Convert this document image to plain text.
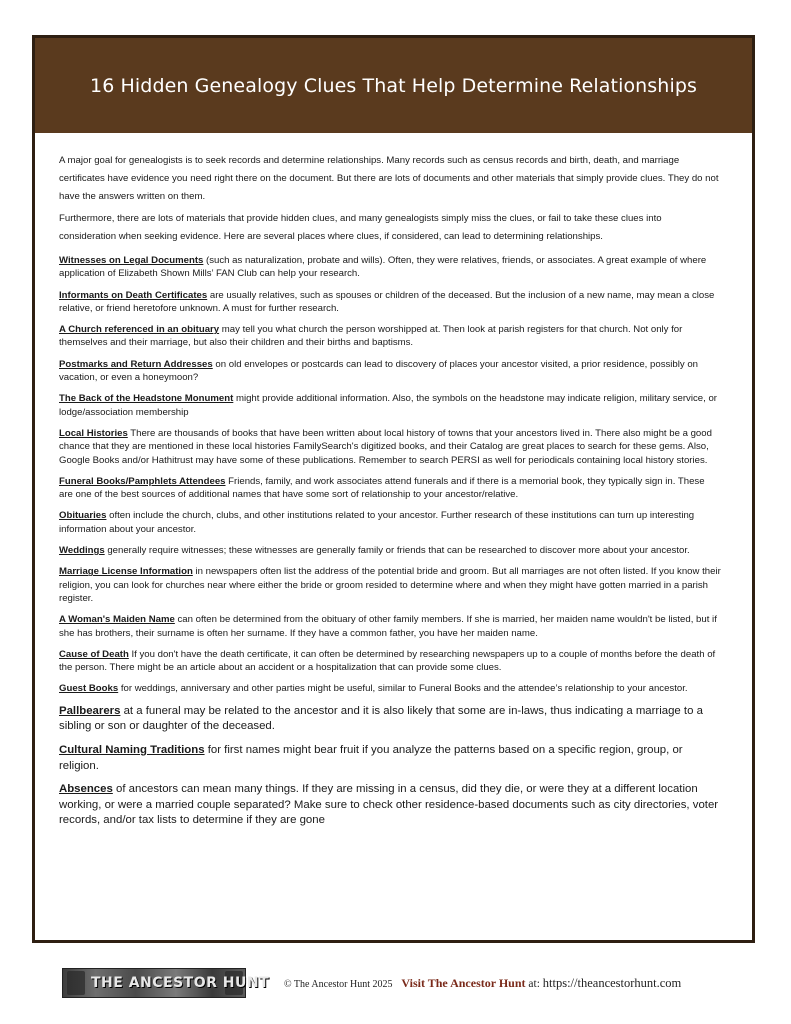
16 Hidden Genealogy Clues That Help Determine Relationships

A major goal for genealogists is to seek records and determine relationships. Many records such as census records and birth, death, and marriage certificates have evidence you need right there on the document. But there are lots of documents and other materials that simply provide clues. They do not have the answers written on them.

Furthermore, there are lots of materials that provide hidden clues, and many genealogists simply miss the clues, or fail to take these clues into consideration when seeking evidence. Here are several places where clues, if considered, can lead to determining relationships.

Witnesses on Legal Documents (such as naturalization, probate and wills). Often, they were relatives, friends, or associates. A great example of where application of Elizabeth Shown Mills’ FAN Club can help your research.

Informants on Death Certificates are usually relatives, such as spouses or children of the deceased. But the inclusion of a new name, may mean a close relative, or friend heretofore unknown. A must for further research.

A Church referenced in an obituary may tell you what church the person worshipped at. Then look at parish registers for that church. Not only for themselves and their marriage, but also their children and their births and baptisms.

Postmarks and Return Addresses on old envelopes or postcards can lead to discovery of places your ancestor visited, a prior residence, possibly on vacation, or even a honeymoon?

The Back of the Headstone Monument might provide additional information. Also, the symbols on the headstone may indicate religion, military service, or lodge/association membership

Local Histories There are thousands of books that have been written about local history of towns that your ancestors lived in. There also might be a good chance that they are mentioned in these local histories FamilySearch's digitized books, and their Catalog are great places to search for these gems. Also, Google Books and/or Hathitrust may have some of these publications. Remember to search PERSI as well for periodicals containing local history stories.

Funeral Books/Pamphlets Attendees Friends, family, and work associates attend funerals and if there is a memorial book, they typically sign in. These are one of the best sources of additional names that have some sort of relationship to your ancestor/relative.

Obituaries often include the church, clubs, and other institutions related to your ancestor. Further research of these institutions can turn up interesting information about your ancestor.

Weddings generally require witnesses; these witnesses are generally family or friends that can be researched to discover more about your ancestor.

Marriage License Information in newspapers often list the address of the potential bride and groom. But all marriages are not often listed. If you know their religion, you can look for churches near where either the bride or groom resided to determine where and when they might have gotten married in a parish register.

A Woman's Maiden Name can often be determined from the obituary of other family members. If she is married, her maiden name wouldn't be listed, but if she has brothers, their surname is often her surname. If they have a common father, you have her maiden name.

Cause of Death If you don't have the death certificate, it can often be determined by researching newspapers up to a couple of months before the death of the person. There might be an article about an accident or a hospitalization that can provide some clues.

Guest Books for weddings, anniversary and other parties might be useful, similar to Funeral Books and the attendee’s relationship to your ancestor.

Pallbearers at a funeral may be related to the ancestor and it is also likely that some are in-laws, thus indicating a marriage to a sibling or son or daughter of the deceased.

Cultural Naming Traditions for first names might bear fruit if you analyze the patterns based on a specific region, group, or religion.

Absences of ancestors can mean many things. If they are missing in a census, did they die, or were they at a different location working, or were a married couple separated? Make sure to check other residence-based documents such as city directories, voter records, and/or tax lists to determine if they are gone

THE ANCESTOR HUNT © The Ancestor Hunt 2025 Visit The Ancestor Hunt at: https://theancestorhunt.com
